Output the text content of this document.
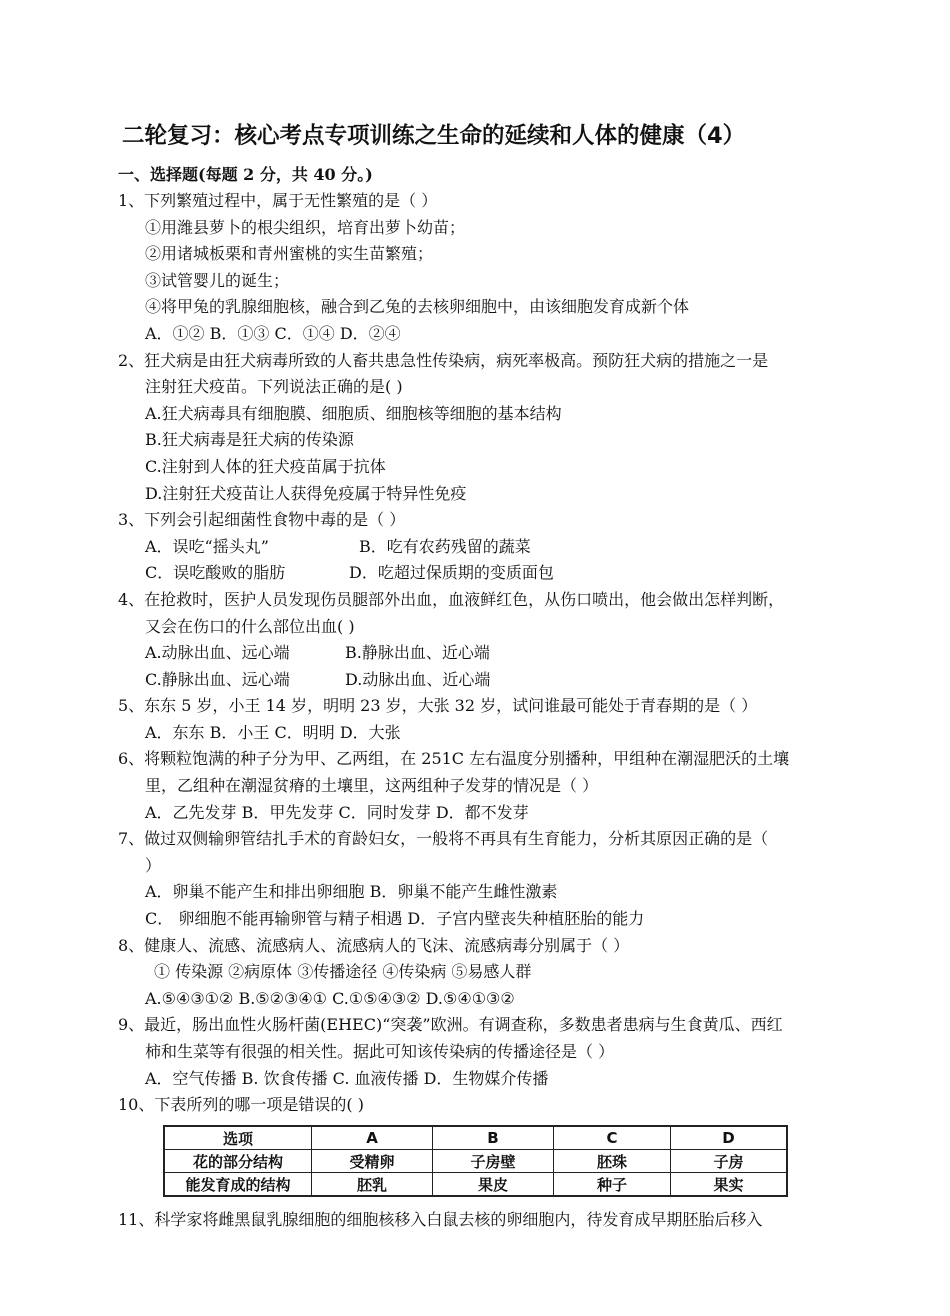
二轮复习：核心考点专项训练之生命的延续和人体的健康（4）
一、选择题(每题 2 分，共 40 分。)
1、下列繁殖过程中，属于无性繁殖的是（ ）
①用潍县萝卜的根尖组织，培育出萝卜幼苗；
②用诸城板栗和青州蜜桃的实生苗繁殖；
③试管婴儿的诞生；
④将甲兔的乳腺细胞核，融合到乙兔的去核卵细胞中，由该细胞发育成新个体
A．①② B．①③ C．①④ D．②④
2、狂犬病是由狂犬病毒所致的人畜共患急性传染病，病死率极高。预防狂犬病的措施之一是
注射狂犬疫苗。下列说法正确的是( )
A.狂犬病毒具有细胞膜、细胞质、细胞核等细胞的基本结构
B.狂犬病毒是狂犬病的传染源
C.注射到人体的狂犬疫苗属于抗体
D.注射狂犬疫苗让人获得免疫属于特异性免疫
3、下列会引起细菌性食物中毒的是（ ）
A．误吃“摇头丸”	B．吃有农药残留的蔬菜
C．误吃酸败的脂肪	D．吃超过保质期的变质面包
4、在抢救时，医护人员发现伤员腿部外出血，血液鲜红色，从伤口喷出，他会做出怎样判断，
又会在伤口的什么部位出血( )
A.动脉出血、远心端	B.静脉出血、近心端
C.静脉出血、远心端	D.动脉出血、近心端
5、东东 5 岁，小王 14 岁，明明 23 岁，大张 32 岁，试问谁最可能处于青春期的是（ ）
A．东东 B．小王 C．明明 D．大张
6、将颗粒饱满的种子分为甲、乙两组，在 251C 左右温度分别播种，甲组种在潮湿肥沃的土壤
里，乙组种在潮湿贫瘠的土壤里，这两组种子发芽的情况是（ ）
A．乙先发芽 B．甲先发芽 C．同时发芽 D．都不发芽
7、做过双侧输卵管结扎手术的育龄妇女，一般将不再具有生育能力，分析其原因正确的是（
）
A．卵巢不能产生和排出卵细胞 B．卵巢不能产生雌性激素
C． 卵细胞不能再输卵管与精子相遇 D．子宫内壁丧失种植胚胎的能力
8、健康人、流感、流感病人、流感病人的飞沫、流感病毒分别属于（ ）
① 传染源 ②病原体 ③传播途径 ④传染病 ⑤易感人群
A.⑤④③①② B.⑤②③④① C.①⑤④③② D.⑤④①③②
9、最近，肠出血性火肠杆菌(EHEC)“突袭”欧洲。有调查称，多数患者患病与生食黄瓜、西红
柿和生菜等有很强的相关性。据此可知该传染病的传播途径是（ ）
A．空气传播 B. 饮食传播 C. 血液传播 D．生物媒介传播
10、下表所列的哪一项是错误的( )
选项	A	B	C	D
花的部分结构	受精卵	子房壁	胚珠	子房
能发育成的结构	胚乳	果皮	种子	果实
11、科学家将雌黑鼠乳腺细胞的细胞核移入白鼠去核的卵细胞内，待发育成早期胚胎后移入
